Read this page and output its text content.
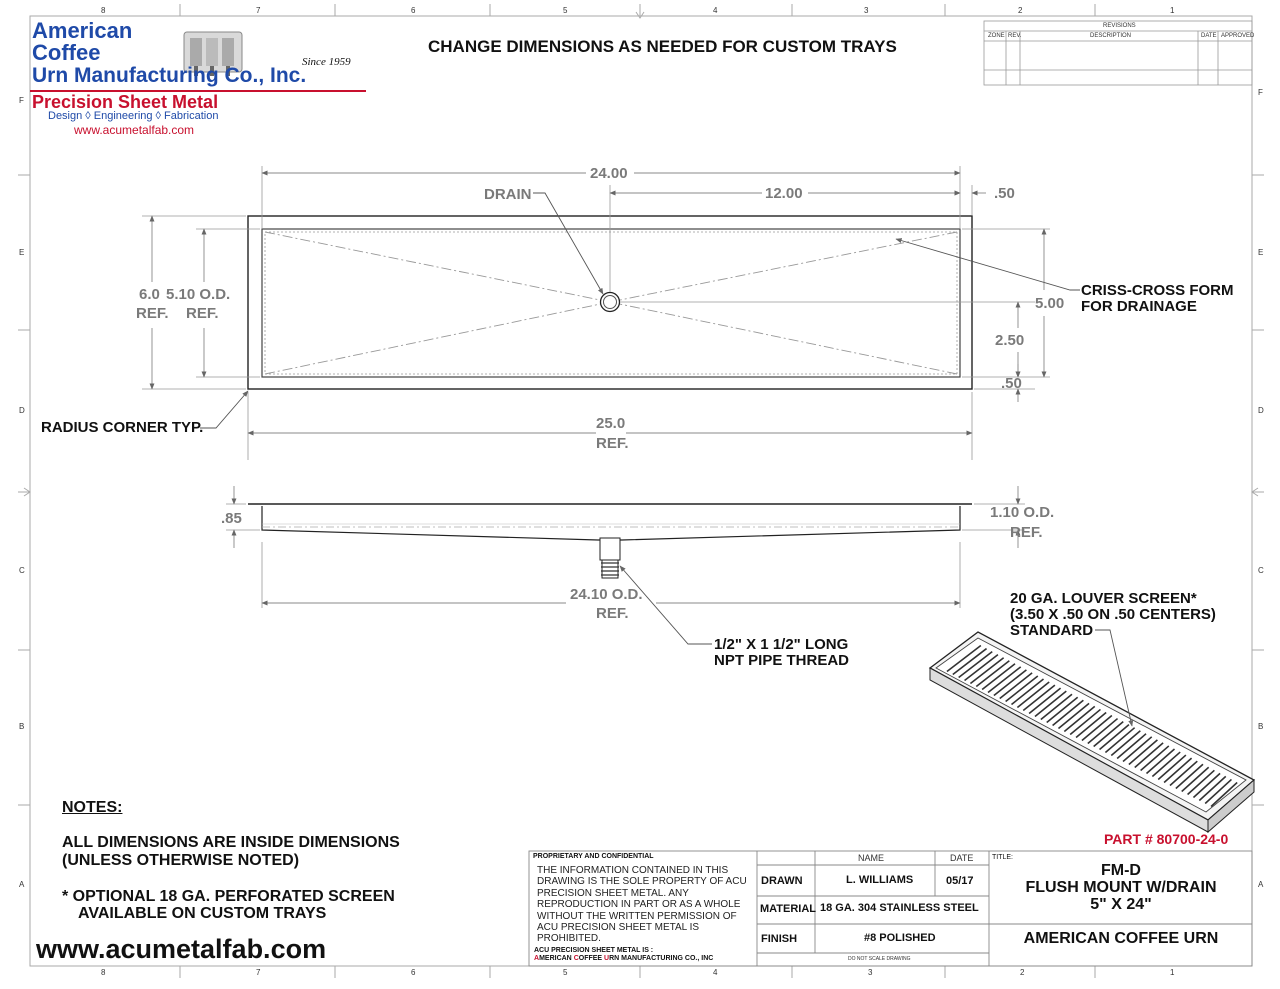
American
Coffee
Urn Manufacturing Co., Inc.
Since 1959
Precision Sheet Metal
Design ◊ Engineering ◊ Fabrication
www.acumetalfab.com
CHANGE DIMENSIONS AS NEEDED FOR CUSTOM TRAYS
8	7	6	5	4	3	2	1
8	7	6	5	4	3	2	1
F
E
D
C
B
A
F
E
D
C
B
A
REVISIONS
ZONE REV.	DESCRIPTION	DATE APPROVED
24.00
12.00	.50
DRAIN
6.0
REF.
5.10 O.D.
REF.
CRISS-CROSS FORM
FOR DRAINAGE
5.00
2.50
.50
RADIUS CORNER TYP.	25.0
REF.
.85	1.10 O.D.
REF.
24.10 O.D.
REF.
1/2" X 1 1/2" LONG
NPT PIPE THREAD
20 GA. LOUVER SCREEN*
(3.50 X .50 ON .50 CENTERS)
STANDARD
NOTES:
ALL DIMENSIONS ARE INSIDE DIMENSIONS
(UNLESS OTHERWISE NOTED)
* OPTIONAL 18 GA. PERFORATED SCREEN
AVAILABLE ON CUSTOM TRAYS
www.acumetalfab.com
PART # 80700-24-0
PROPRIETARY AND CONFIDENTIAL
THE INFORMATION CONTAINED IN THIS DRAWING IS THE SOLE PROPERTY OF ACU PRECISION SHEET METAL. ANY REPRODUCTION IN PART OR AS A WHOLE WITHOUT THE WRITTEN PERMISSION OF ACU PRECISION SHEET METAL IS PROHIBITED.
ACU PRECISION SHEET METAL IS :
AMERICAN COFFEE URN MANUFACTURING CO., INC
NAME	DATE
DRAWN	L. WILLIAMS	05/17
MATERIAL 18 GA. 304 STAINLESS STEEL
FINISH	#8 POLISHED
DO NOT SCALE DRAWING
TITLE:
FM-D
FLUSH MOUNT W/DRAIN
5" X 24"
AMERICAN COFFEE URN
